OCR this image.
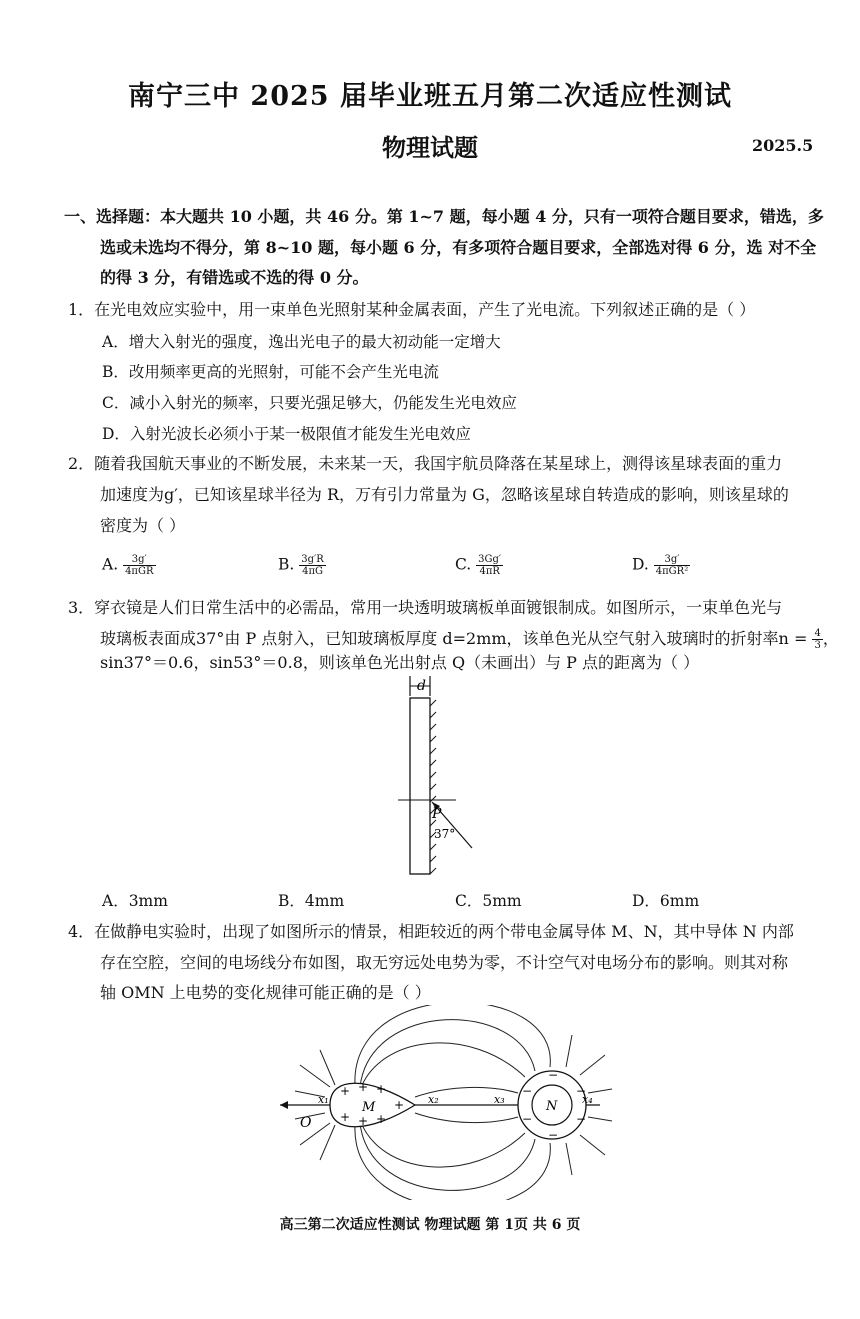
南宁三中 2025 届毕业班五月第二次适应性测试
物理试题	2025.5
一、选择题：本大题共 10 小题，共 46 分。第 1~7 题，每小题 4 分，只有一项符合题目要求，错选，多
选或未选均不得分，第 8~10 题，每小题 6 分，有多项符合题目要求，全部选对得 6 分，选 对不全
的得 3 分，有错选或不选的得 0 分。
1．在光电效应实验中，用一束单色光照射某种金属表面，产生了光电流。下列叙述正确的是（ ）
A．增大入射光的强度，逸出光电子的最大初动能一定增大
B．改用频率更高的光照射，可能不会产生光电流
C．减小入射光的频率，只要光强足够大，仍能发生光电效应
D．入射光波长必须小于某一极限值才能发生光电效应
2．随着我国航天事业的不断发展，未来某一天，我国宇航员降落在某星球上，测得该星球表面的重力
加速度为g′，已知该星球半径为 R，万有引力常量为 G，忽略该星球自转造成的影响，则该星球的
密度为（ ）
A. $\frac{3g'}{\text{4πGR}}$	B. $\frac{3g'R}{4\pi G}$	C. $\frac{3Gg'}{4\pi R}$	D. $\frac{3g'}{\text{4πGR²}}$
3．穿衣镜是人们日常生活中的必需品，常用一块透明玻璃板单面镀银制成。如图所示，一束单色光与
玻璃板表面成37°由 P 点射入，已知玻璃板厚度 d=2mm，该单色光从空气射入玻璃时的折射率$n = \frac{4}{3}$ ，
sin37°＝0.6，sin53°＝0.8，则该单色光出射点 Q（未画出）与 P 点的距离为（ ）
d
P
37°
A．3mm	B．4mm	C．5mm	D．6mm
4．在做静电实验时，出现了如图所示的情景，相距较近的两个带电金属导体 M、N，其中导体 N 内部
存在空腔，空间的电场线分布如图，取无穷远处电势为零，不计空气对电场分布的影响。则其对称
轴 OMN 上电势的变化规律可能正确的是（ ）
+ + +
+ + +
+
M
−
−
−
−
−
−
N
O
x₁	x₂	x₃	x₄
高三第二次适应性测试 物理试题 第 1页 共 6 页
